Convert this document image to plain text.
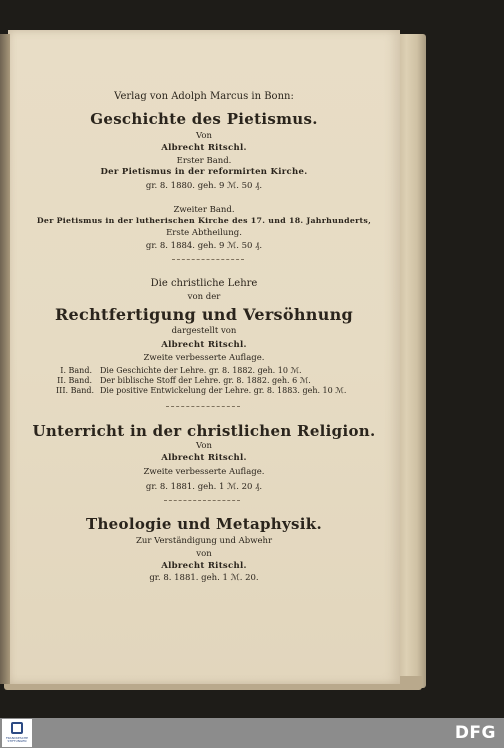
Verlag von Adolph Marcus in Bonn:
Geschichte des Pietismus.
Von
Albrecht Ritschl.
Erster Band.
Der Pietismus in der reformirten Kirche.
gr. 8. 1880. geh. 9 ℳ. 50 ₰.
Zweiter Band.
Der Pietismus in der lutherischen Kirche des 17. und 18. Jahrhunderts,
Erste Abtheilung.
gr. 8. 1884. geh. 9 ℳ. 50 ₰.
Die christliche Lehre
von der
Rechtfertigung und Versöhnung
dargestellt von
Albrecht Ritschl.
Zweite verbesserte Auflage.
I. Band. Die Geschichte der Lehre. gr. 8. 1882. geh. 10 ℳ.
II. Band. Der biblische Stoff der Lehre. gr. 8. 1882. geh. 6 ℳ.
III. Band. Die positive Entwickelung der Lehre. gr. 8. 1883. geh. 10 ℳ.
Unterricht in der christlichen Religion.
Von
Albrecht Ritschl.
Zweite verbesserte Auflage.
gr. 8. 1881. geh. 1 ℳ. 20 ₰.
Theologie und Metaphysik.
Zur Verständigung und Abwehr
von
Albrecht Ritschl.
gr. 8. 1881. geh. 1 ℳ. 20.
FRANCKESCHE STIFTUNGEN	DFG
